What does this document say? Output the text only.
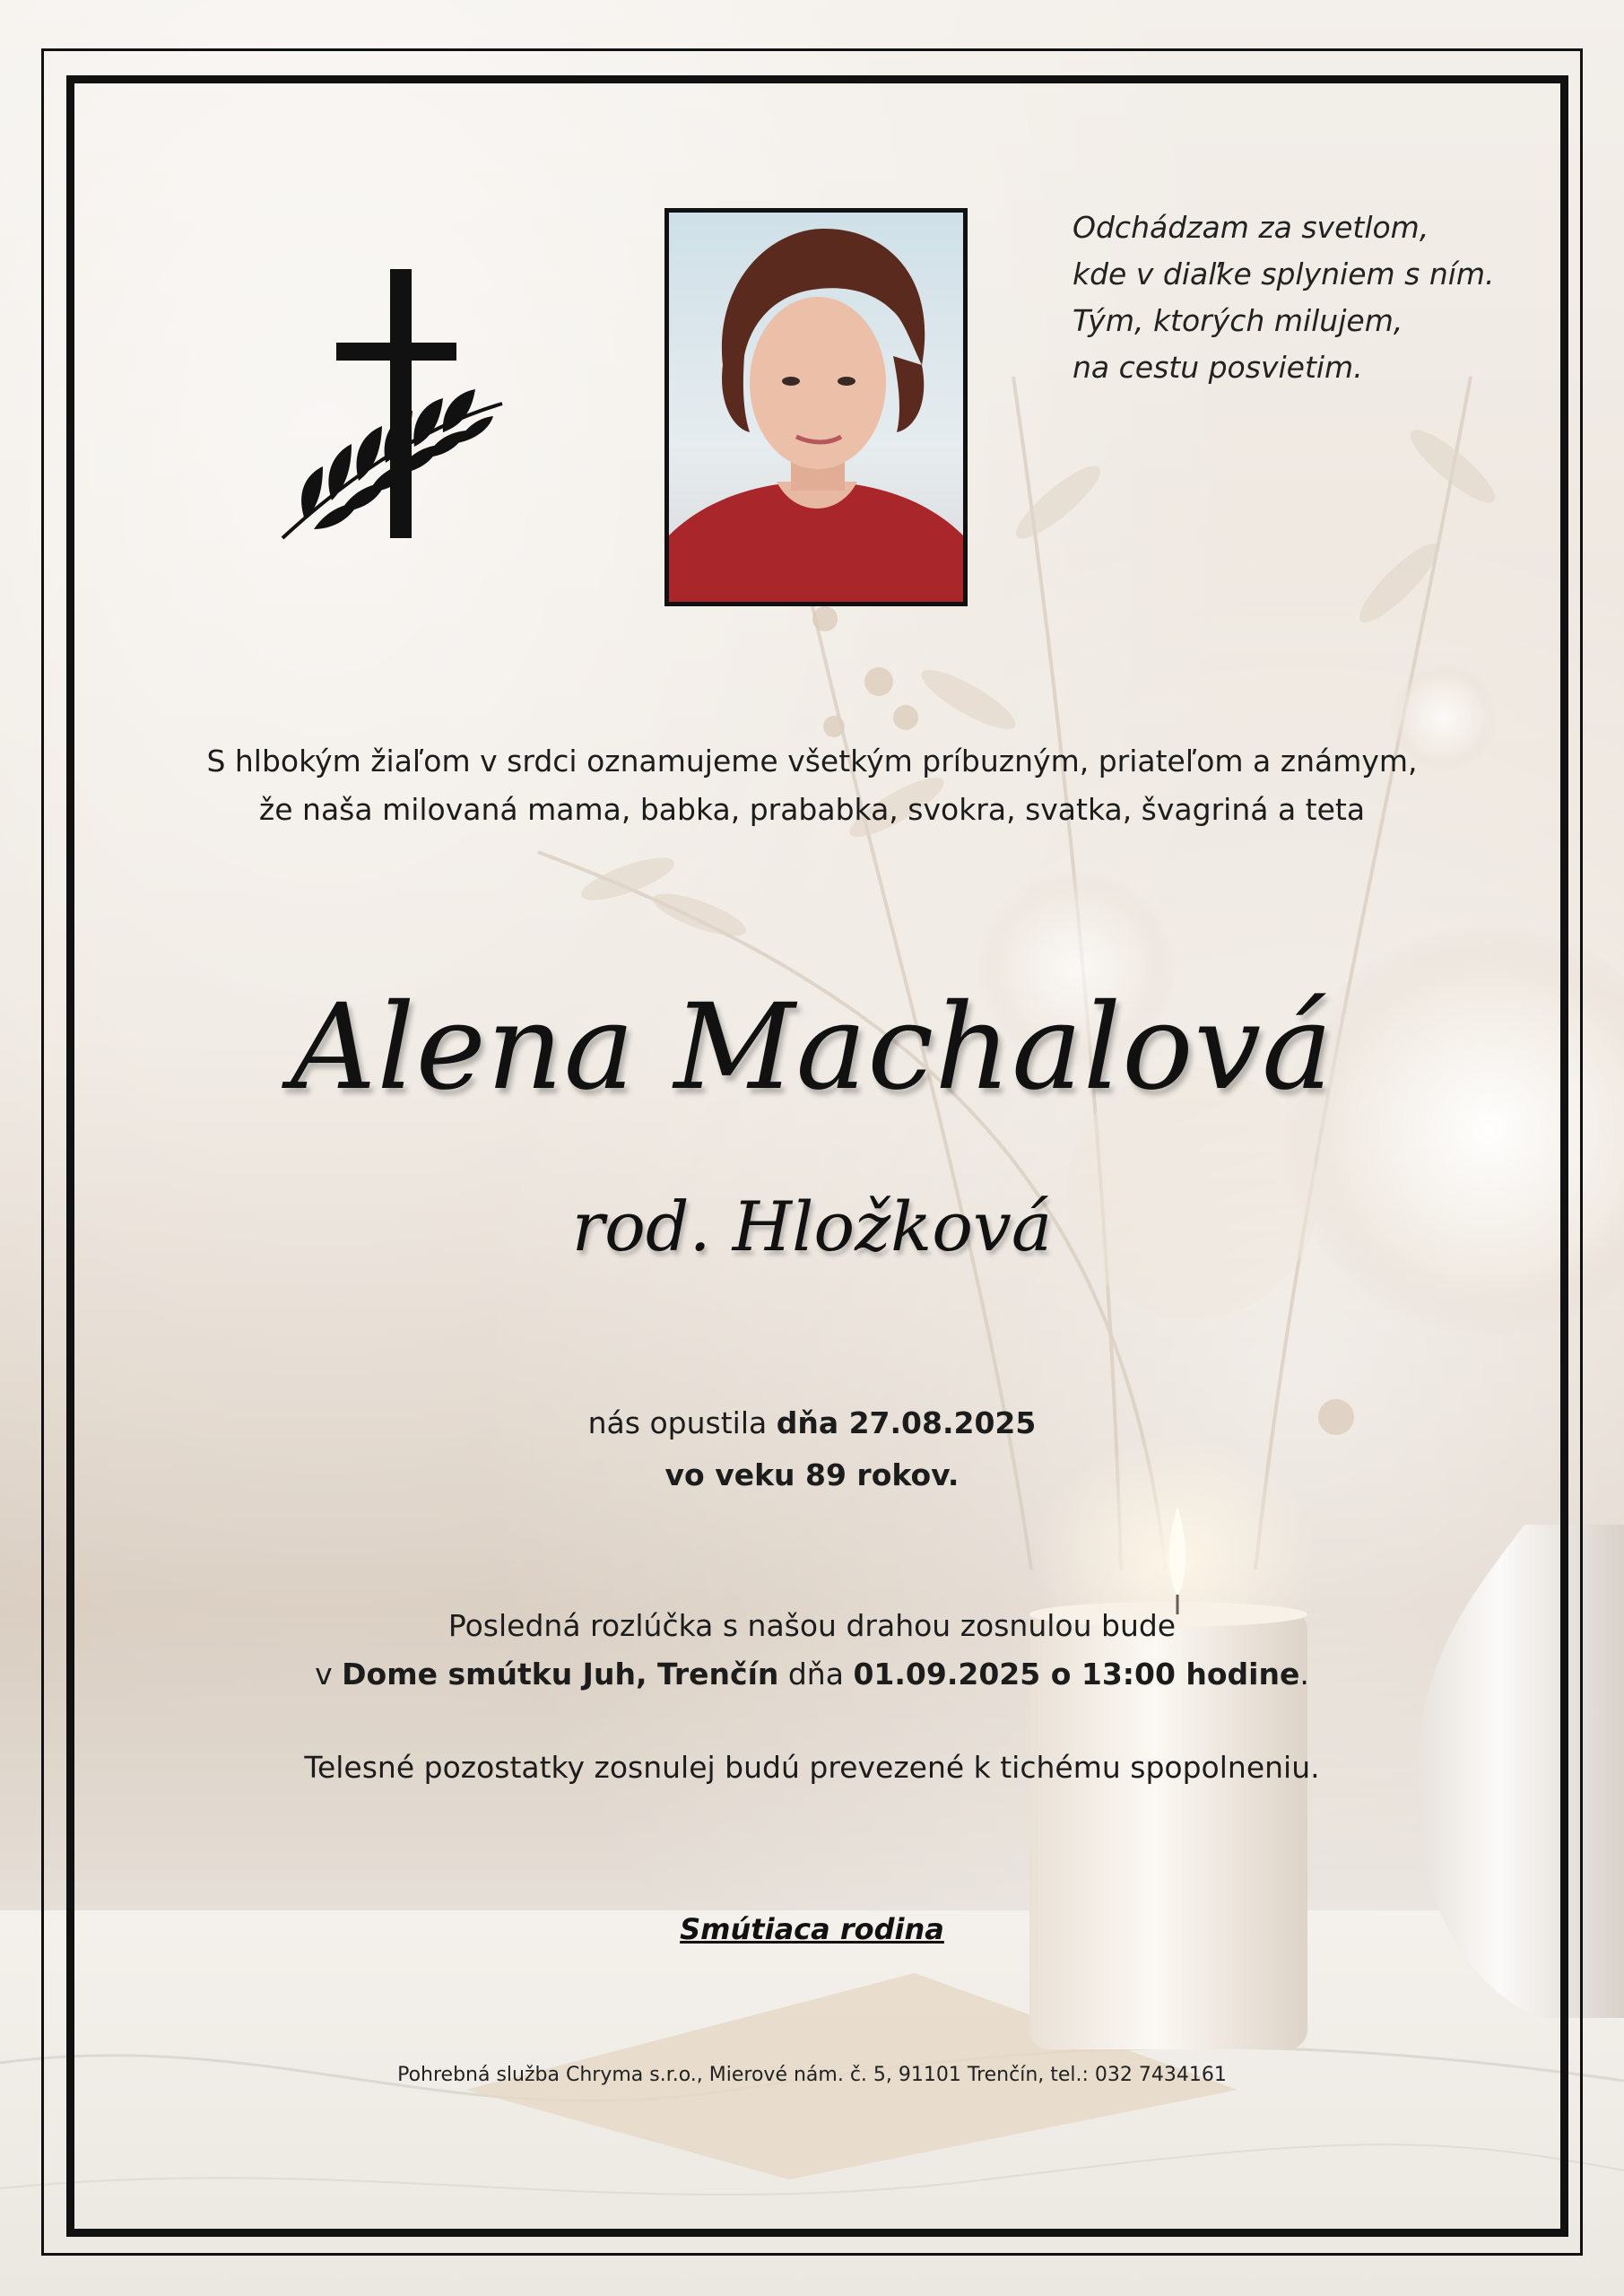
Odchádzam za svetlom,
kde v diaľke splyniem s ním.
Tým, ktorých milujem,
na cestu posvietim.
S hlbokým žiaľom v srdci oznamujeme všetkým príbuzným, priateľom a známym,
že naša milovaná mama, babka, prababka, svokra, svatka, švagriná a teta
Alena Machalová
rod. Hložková
nás opustila dňa 27.08.2025
vo veku 89 rokov.
Posledná rozlúčka s našou drahou zosnulou bude
v Dome smútku Juh, Trenčín dňa 01.09.2025 o 13:00 hodine.
Telesné pozostatky zosnulej budú prevezené k tichému spopolneniu.
Smútiaca rodina
Pohrebná služba Chryma s.r.o., Mierové nám. č. 5, 91101 Trenčín, tel.: 032 7434161
